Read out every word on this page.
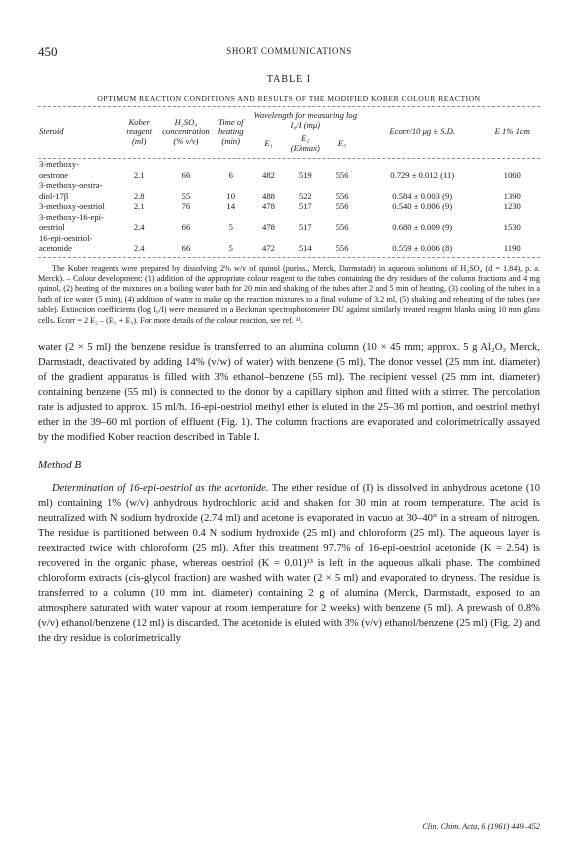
450	SHORT COMMUNICATIONS
TABLE I
OPTIMUM REACTION CONDITIONS AND RESULTS OF THE MODIFIED KOBER COLOUR REACTION
Steroid	Kober reagent (ml)	H₂SO₄ concentration (% v/v)	Time of heating (min)	Wavelength for measuring log I₀/I (mμ)			Ecorr/10 μg ± S.D.	E 1% 1cm
				E₁	E₂ (Eλmax)	E₃		

3-methoxy-								
oestrone	2.1	66	6	482	519	556	0.729 ± 0.012 (11)	1060
3-methoxy-oestra-								
diol-17β	2.8	55	10	488	522	556	0.584 ± 0.003 (9)	1390
3-methoxy-oestriol	2.1	76	14	478	517	556	0.540 ± 0.006 (9)	1230
3-methoxy-16-epi-								
oestriol	2.4	66	5	478	517	556	0.680 ± 0.009 (9)	1530
16-epi-oestriol-								
acetonide	2.4	66	5	472	514	556	0.559 ± 0.006 (8)	1190
The Kober reagents were prepared by dissolving 2% w/v of quinol (puriss., Merck, Darmstadt) in aqueous solutions of H₂SO₄ (d = 1.84), p. a. Merck). – Colour development: (1) addition of the appropriate colour reagent to the tubes containing the dry residues of the column fractions and 4 mg quinol, (2) heating of the mixtures on a boiling water bath for 20 min and shaking of the tubes after 2 and 5 min of heating, (3) cooling of the tubes in a bath of ice water (5 min), (4) addition of water to make up the reaction mixtures to a final volume of 3.2 ml, (5) shaking and reheating of the tubes (see table). Extinction coefficients (log I₀/I) were measured in a Beckman spectrophotometer DU against similarly treated reagent blanks using 10 mm glass cells. Ecorr = 2 E₂ – (E₁ + E₃). For more details of the colour reaction, see ref. ¹¹.
water (2 × 5 ml) the benzene residue is transferred to an alumina column (10 × 45 mm; approx. 5 g Al₂O₃ Merck, Darmstadt, deactivated by adding 14% (v/w) of water) with benzene (5 ml). The donor vessel (25 mm int. diameter) of the gradient apparatus is filled with 3% ethanol–benzene (55 ml). The recipient vessel (25 mm int. diameter) containing benzene (55 ml) is connected to the donor by a capillary siphon and fitted with a stirrer. The percolation rate is adjusted to approx. 15 ml/h. 16-epi-oestriol methyl ether is eluted in the 25–36 ml portion, and oestriol methyl ether in the 39–60 ml portion of effluent (Fig. 1). The column fractions are evaporated and colorimetrically assayed by the modified Kober reaction described in Table I.
Method B
Determination of 16-epi-oestriol as the acetonide. The ether residue of (I) is dissolved in anhydrous acetone (10 ml) containing 1% (w/v) anhydrous hydrochloric acid and shaken for 30 min at room temperature. The acid is neutralized with N sodium hydroxide (2.74 ml) and acetone is evaporated in vacuo at 30–40° in a stream of nitrogen. The residue is partitioned between 0.4 N sodium hydroxide (25 ml) and chloroform (25 ml). The aqueous layer is reextracted twice with chloroform (25 ml). After this treatment 97.7% of 16-epi-oestriol acetonide (K = 2.54) is recovered in the organic phase, whereas oestriol (K = 0.01)¹³ is left in the aqueous alkali phase. The combined chloroform extracts (cis-glycol fraction) are washed with water (2 × 5 ml) and evaporated to dryness. The residue is transferred to a column (10 mm int. diameter) containing 2 g of alumina (Merck, Darmstadt, exposed to an atmosphere saturated with water vapour at room temperature for 2 weeks) with benzene (5 ml). A prewash of 0.8% (v/v) ethanol/benzene (12 ml) is discarded. The acetonide is eluted with 3% (v/v) ethanol/benzene (25 ml) (Fig. 2) and the dry residue is colorimetrically
Clin. Chim. Acta, 6 (1961) 449–452
